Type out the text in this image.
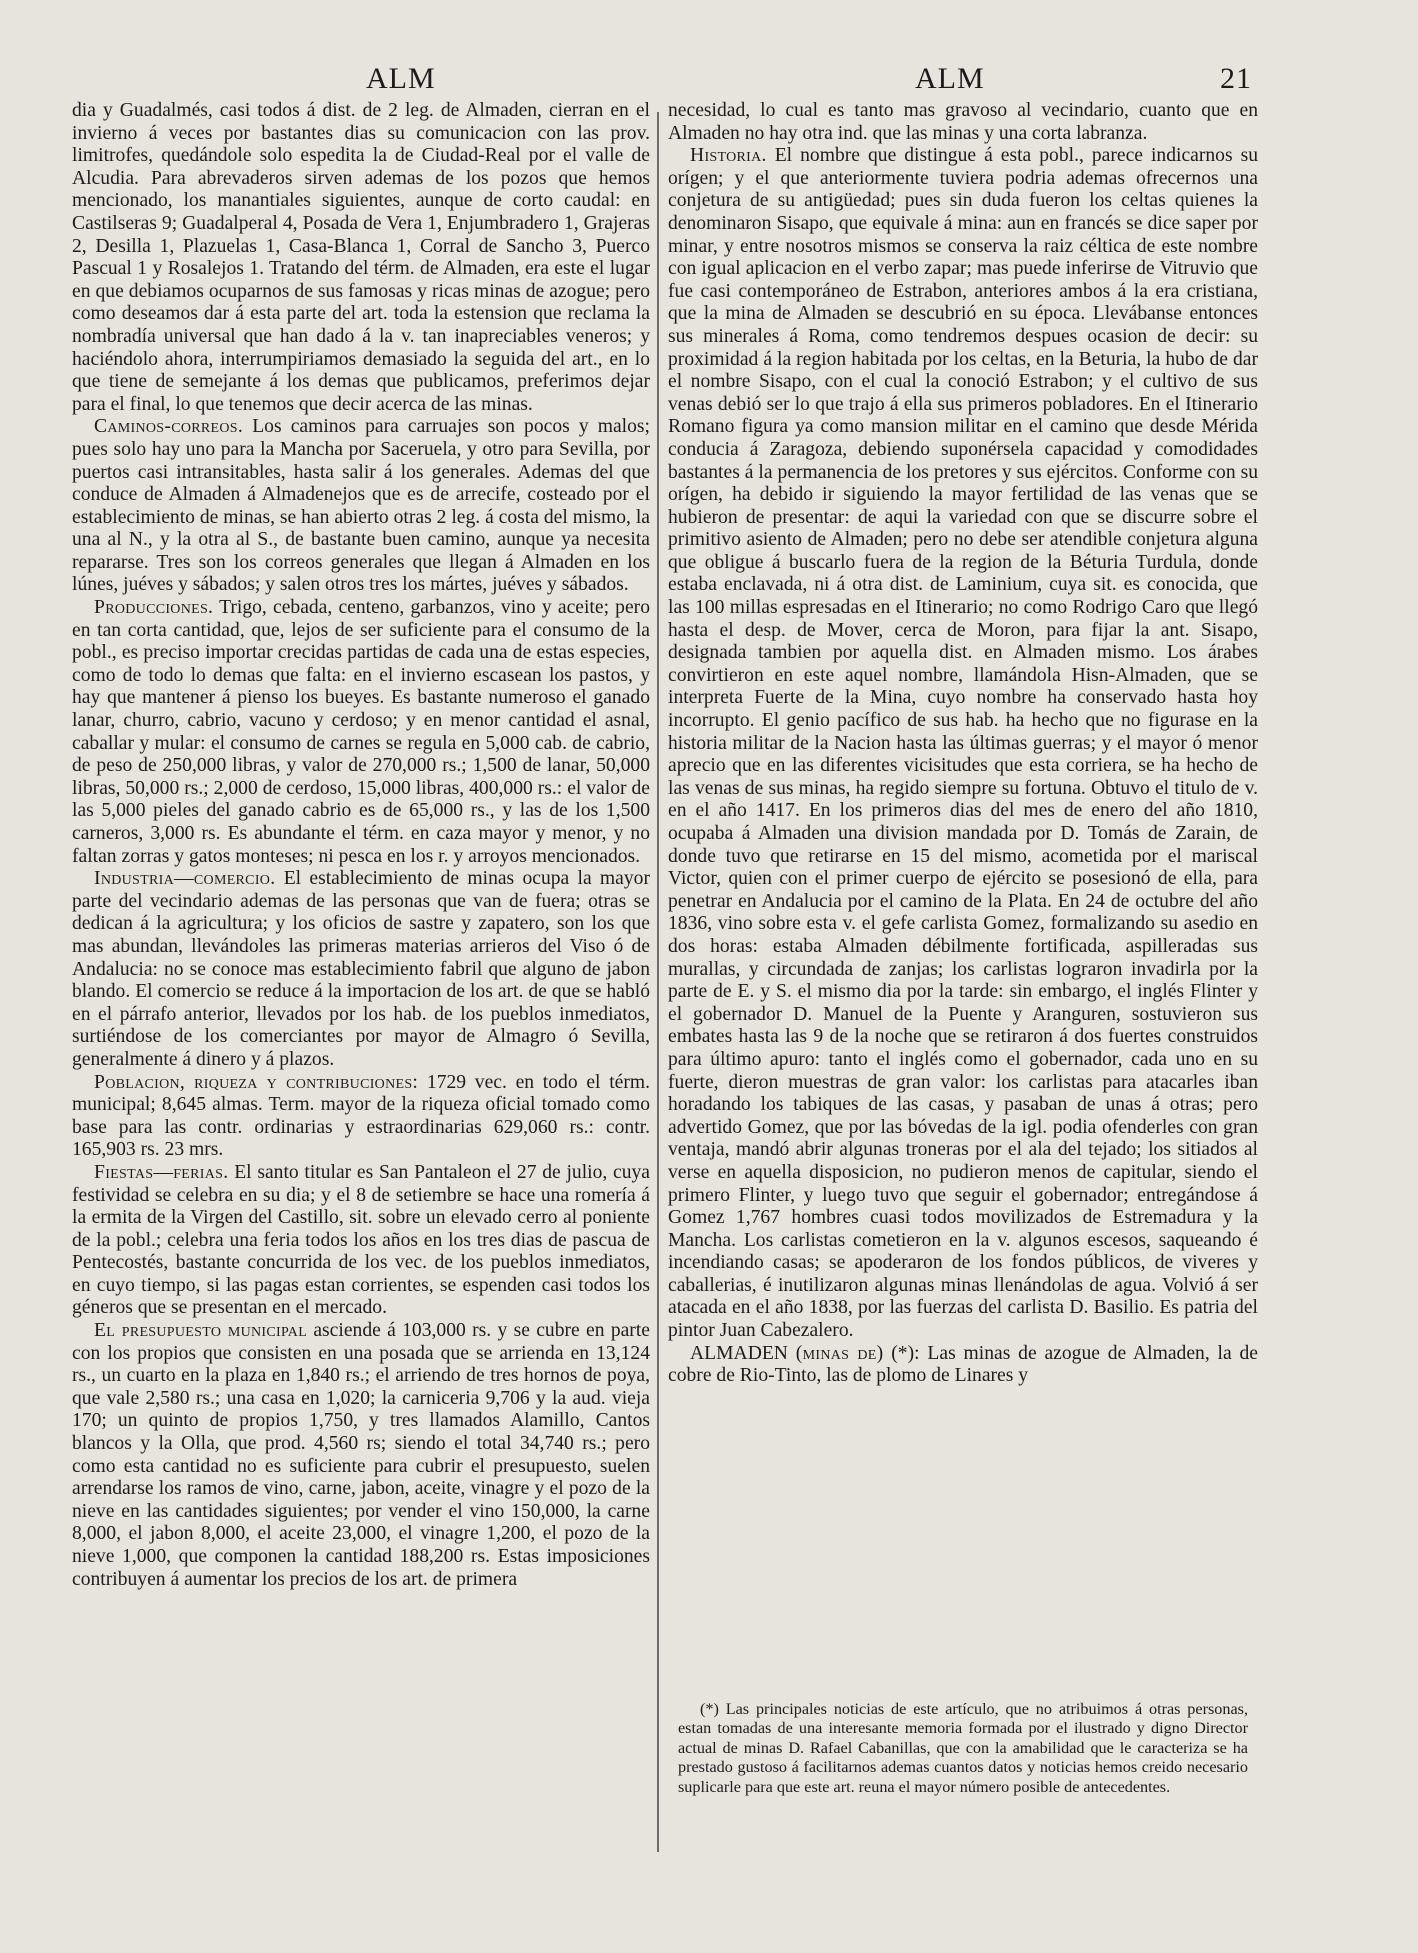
ALM	ALM	21

dia y Guadalmés, casi todos á dist. de 2 leg. de Almaden, cierran en el invierno á veces por bastantes dias su comunicacion con las prov. limitrofes, quedándole solo espedita la de Ciudad-Real por el valle de Alcudia. Para abrevaderos sirven ademas de los pozos que hemos mencionado, los manantiales siguientes, aunque de corto caudal: en Castilseras 9; Guadalperal 4, Posada de Vera 1, Enjumbradero 1, Grajeras 2, Desilla 1, Plazuelas 1, Casa-Blanca 1, Corral de Sancho 3, Puerco Pascual 1 y Rosalejos 1. Tratando del térm. de Almaden, era este el lugar en que debiamos ocuparnos de sus famosas y ricas minas de azogue; pero como deseamos dar á esta parte del art. toda la estension que reclama la nombradía universal que han dado á la v. tan inapreciables veneros; y haciéndolo ahora, interrumpiriamos demasiado la seguida del art., en lo que tiene de semejante á los demas que publicamos, preferimos dejar para el final, lo que tenemos que decir acerca de las minas.

Caminos-correos. Los caminos para carruajes son pocos y malos; pues solo hay uno para la Mancha por Saceruela, y otro para Sevilla, por puertos casi intransitables, hasta salir á los generales. Ademas del que conduce de Almaden á Almadenejos que es de arrecife, costeado por el establecimiento de minas, se han abierto otras 2 leg. á costa del mismo, la una al N., y la otra al S., de bastante buen camino, aunque ya necesita repararse. Tres son los correos generales que llegan á Almaden en los lúnes, juéves y sábados; y salen otros tres los mártes, juéves y sábados.

Producciones. Trigo, cebada, centeno, garbanzos, vino y aceite; pero en tan corta cantidad, que, lejos de ser suficiente para el consumo de la pobl., es preciso importar crecidas partidas de cada una de estas especies, como de todo lo demas que falta: en el invierno escasean los pastos, y hay que mantener á pienso los bueyes. Es bastante numeroso el ganado lanar, churro, cabrio, vacuno y cerdoso; y en menor cantidad el asnal, caballar y mular: el consumo de carnes se regula en 5,000 cab. de cabrio, de peso de 250,000 libras, y valor de 270,000 rs.; 1,500 de lanar, 50,000 libras, 50,000 rs.; 2,000 de cerdoso, 15,000 libras, 400,000 rs.: el valor de las 5,000 pieles del ganado cabrio es de 65,000 rs., y las de los 1,500 carneros, 3,000 rs. Es abundante el térm. en caza mayor y menor, y no faltan zorras y gatos monteses; ni pesca en los r. y arroyos mencionados.

Industria—comercio. El establecimiento de minas ocupa la mayor parte del vecindario ademas de las personas que van de fuera; otras se dedican á la agricultura; y los oficios de sastre y zapatero, son los que mas abundan, llevándoles las primeras materias arrieros del Viso ó de Andalucia: no se conoce mas establecimiento fabril que alguno de jabon blando. El comercio se reduce á la importacion de los art. de que se habló en el párrafo anterior, llevados por los hab. de los pueblos inmediatos, surtiéndose de los comerciantes por mayor de Almagro ó Sevilla, generalmente á dinero y á plazos.

Poblacion, riqueza y contribuciones: 1729 vec. en todo el térm. municipal; 8,645 almas. Term. mayor de la riqueza oficial tomado como base para las contr. ordinarias y estraordinarias 629,060 rs.: contr. 165,903 rs. 23 mrs.

Fiestas—ferias. El santo titular es San Pantaleon el 27 de julio, cuya festividad se celebra en su dia; y el 8 de setiembre se hace una romería á la ermita de la Virgen del Castillo, sit. sobre un elevado cerro al poniente de la pobl.; celebra una feria todos los años en los tres dias de pascua de Pentecostés, bastante concurrida de los vec. de los pueblos inmediatos, en cuyo tiempo, si las pagas estan corrientes, se espenden casi todos los géneros que se presentan en el mercado.

El presupuesto municipal asciende á 103,000 rs. y se cubre en parte con los propios que consisten en una posada que se arrienda en 13,124 rs., un cuarto en la plaza en 1,840 rs.; el arriendo de tres hornos de poya, que vale 2,580 rs.; una casa en 1,020; la carniceria 9,706 y la aud. vieja 170; un quinto de propios 1,750, y tres llamados Alamillo, Cantos blancos y la Olla, que prod. 4,560 rs; siendo el total 34,740 rs.; pero como esta cantidad no es suficiente para cubrir el presupuesto, suelen arrendarse los ramos de vino, carne, jabon, aceite, vinagre y el pozo de la nieve en las cantidades siguientes; por vender el vino 150,000, la carne 8,000, el jabon 8,000, el aceite 23,000, el vinagre 1,200, el pozo de la nieve 1,000, que componen la cantidad 188,200 rs. Estas imposiciones contribuyen á aumentar los precios de los art. de primera

necesidad, lo cual es tanto mas gravoso al vecindario, cuanto que en Almaden no hay otra ind. que las minas y una corta labranza.

Historia. El nombre que distingue á esta pobl., parece indicarnos su orígen; y el que anteriormente tuviera podria ademas ofrecernos una conjetura de su antigüedad; pues sin duda fueron los celtas quienes la denominaron Sisapo, que equivale á mina: aun en francés se dice saper por minar, y entre nosotros mismos se conserva la raiz céltica de este nombre con igual aplicacion en el verbo zapar; mas puede inferirse de Vitruvio que fue casi contemporáneo de Estrabon, anteriores ambos á la era cristiana, que la mina de Almaden se descubrió en su época. Llevábanse entonces sus minerales á Roma, como tendremos despues ocasion de decir: su proximidad á la region habitada por los celtas, en la Beturia, la hubo de dar el nombre Sisapo, con el cual la conoció Estrabon; y el cultivo de sus venas debió ser lo que trajo á ella sus primeros pobladores. En el Itinerario Romano figura ya como mansion militar en el camino que desde Mérida conducia á Zaragoza, debiendo suponérsela capacidad y comodidades bastantes á la permanencia de los pretores y sus ejércitos. Conforme con su orígen, ha debido ir siguiendo la mayor fertilidad de las venas que se hubieron de presentar: de aqui la variedad con que se discurre sobre el primitivo asiento de Almaden; pero no debe ser atendible conjetura alguna que obligue á buscarlo fuera de la region de la Béturia Turdula, donde estaba enclavada, ni á otra dist. de Laminium, cuya sit. es conocida, que las 100 millas espresadas en el Itinerario; no como Rodrigo Caro que llegó hasta el desp. de Mover, cerca de Moron, para fijar la ant. Sisapo, designada tambien por aquella dist. en Almaden mismo. Los árabes convirtieron en este aquel nombre, llamándola Hisn-Almaden, que se interpreta Fuerte de la Mina, cuyo nombre ha conservado hasta hoy incorrupto. El genio pacífico de sus hab. ha hecho que no figurase en la historia militar de la Nacion hasta las últimas guerras; y el mayor ó menor aprecio que en las diferentes vicisitudes que esta corriera, se ha hecho de las venas de sus minas, ha regido siempre su fortuna. Obtuvo el titulo de v. en el año 1417. En los primeros dias del mes de enero del año 1810, ocupaba á Almaden una division mandada por D. Tomás de Zarain, de donde tuvo que retirarse en 15 del mismo, acometida por el mariscal Victor, quien con el primer cuerpo de ejército se posesionó de ella, para penetrar en Andalucia por el camino de la Plata. En 24 de octubre del año 1836, vino sobre esta v. el gefe carlista Gomez, formalizando su asedio en dos horas: estaba Almaden débilmente fortificada, aspilleradas sus murallas, y circundada de zanjas; los carlistas lograron invadirla por la parte de E. y S. el mismo dia por la tarde: sin embargo, el inglés Flinter y el gobernador D. Manuel de la Puente y Aranguren, sostuvieron sus embates hasta las 9 de la noche que se retiraron á dos fuertes construidos para último apuro: tanto el inglés como el gobernador, cada uno en su fuerte, dieron muestras de gran valor: los carlistas para atacarles iban horadando los tabiques de las casas, y pasaban de unas á otras; pero advertido Gomez, que por las bóvedas de la igl. podia ofenderles con gran ventaja, mandó abrir algunas troneras por el ala del tejado; los sitiados al verse en aquella disposicion, no pudieron menos de capitular, siendo el primero Flinter, y luego tuvo que seguir el gobernador; entregándose á Gomez 1,767 hombres cuasi todos movilizados de Estremadura y la Mancha. Los carlistas cometieron en la v. algunos escesos, saqueando é incendiando casas; se apoderaron de los fondos públicos, de viveres y caballerias, é inutilizaron algunas minas llenándolas de agua. Volvió á ser atacada en el año 1838, por las fuerzas del carlista D. Basilio. Es patria del pintor Juan Cabezalero.

ALMADEN (minas de) (*): Las minas de azogue de Almaden, la de cobre de Rio-Tinto, las de plomo de Linares y

(*) Las principales noticias de este artículo, que no atribuimos á otras personas, estan tomadas de una interesante memoria formada por el ilustrado y digno Director actual de minas D. Rafael Cabanillas, que con la amabilidad que le caracteriza se ha prestado gustoso á facilitarnos ademas cuantos datos y noticias hemos creido necesario suplicarle para que este art. reuna el mayor número posible de antecedentes.
